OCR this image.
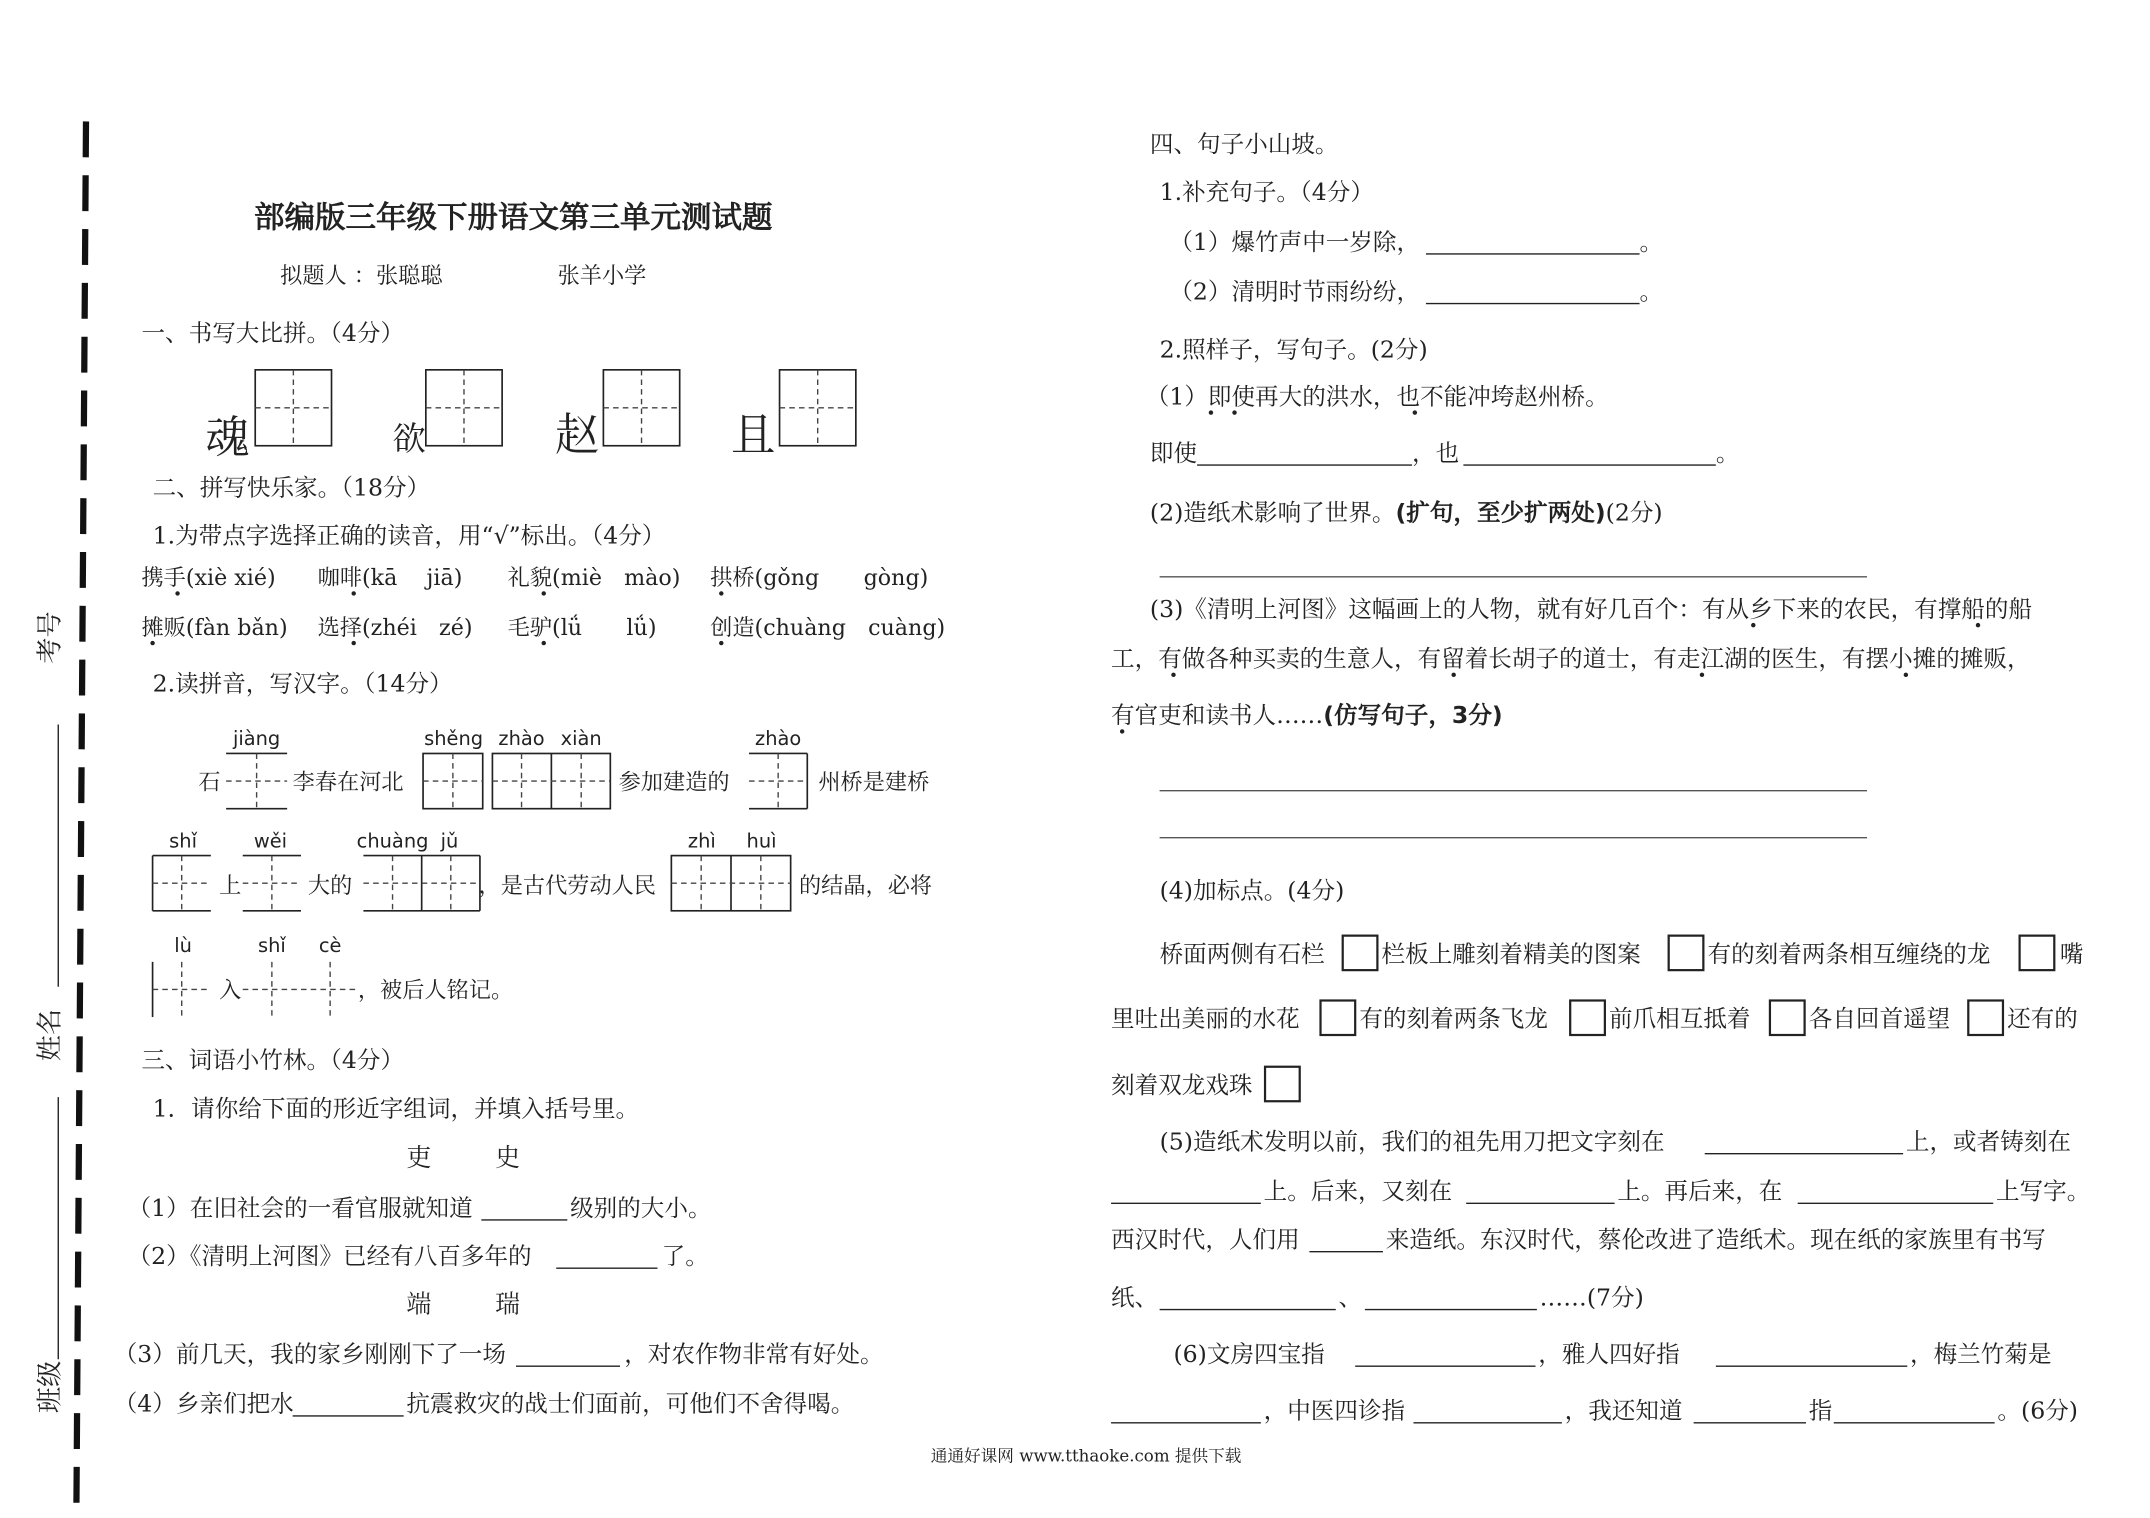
考号
姓名
班级
部编版三年级下册语文第三单元测试题
拟题人 ：张聪聪	张羊小学
一、书写大比拼。（4分）
魂	欲	赵	且
二、拼写快乐家。（18分）
1.为带点字选择正确的读音，用“√”标出。（4分）
携手(xiè xié)	咖啡(kā　 jiā)	礼貌(miè　mào) 拱桥(gǒng　　gòng)
摊贩(fàn bǎn) 选择(zhéi　zé) 毛驴(lǘ　　lǘ)	创造(chuàng　cuàng)
2.读拼音，写汉字。（14分）
jiàng	shěng zhào xiàn	zhào
石	李春在河北	参加建造的	州桥是建桥
shǐ	wěi	chuàng jǔ	zhì huì
上	大的	，是古代劳动人民	的结晶，必将
lù	shǐ cè
入	，被后人铭记。
三、词语小竹林。（4分）
1．请你给下面的形近字组词，并填入括号里。
吏	史
（1）在旧社会的一看官服就知道	级别的大小。
（2）《清明上河图》已经有八百多年的	了。
端	瑞
（3）前几天，我的家乡刚刚下了一场	，对农作物非常有好处。
（4）乡亲们把水	抗震救灾的战士们面前，可他们不舍得喝。
四、句子小山坡。
1.补充句子。（4分）
（1）爆竹声中一岁除，	。
（2）清明时节雨纷纷，	。
2.照样子，写句子。(2分)
（1）即使再大的洪水，也不能冲垮赵州桥。
即使	，也	。
(2)造纸术影响了世界。(扩句，至少扩两处)(2分)
(3)《清明上河图》这幅画上的人物，就有好几百个：有从乡下来的农民，有撑船的船
工，有做各种买卖的生意人，有留着长胡子的道士，有走江湖的医生，有摆小摊的摊贩，
有官吏和读书人……(仿写句子，3分)
(4)加标点。(4分)
桥面两侧有石栏	栏板上雕刻着精美的图案	有的刻着两条相互缠绕的龙	嘴
里吐出美丽的水花	有的刻着两条飞龙	前爪相互抵着	各自回首遥望	还有的
刻着双龙戏珠
(5)造纸术发明以前，我们的祖先用刀把文字刻在	上，或者铸刻在
上。后来，又刻在	上。再后来，在	上写字。
西汉时代，人们用	来造纸。东汉时代，蔡伦改进了造纸术。现在纸的家族里有书写
纸、	、	……(7分)
(6)文房四宝指	，雅人四好指	，梅兰竹菊是
，中医四诊指	，我还知道	指	。(6分)
通通好课网 www.tthaoke.com 提供下载
